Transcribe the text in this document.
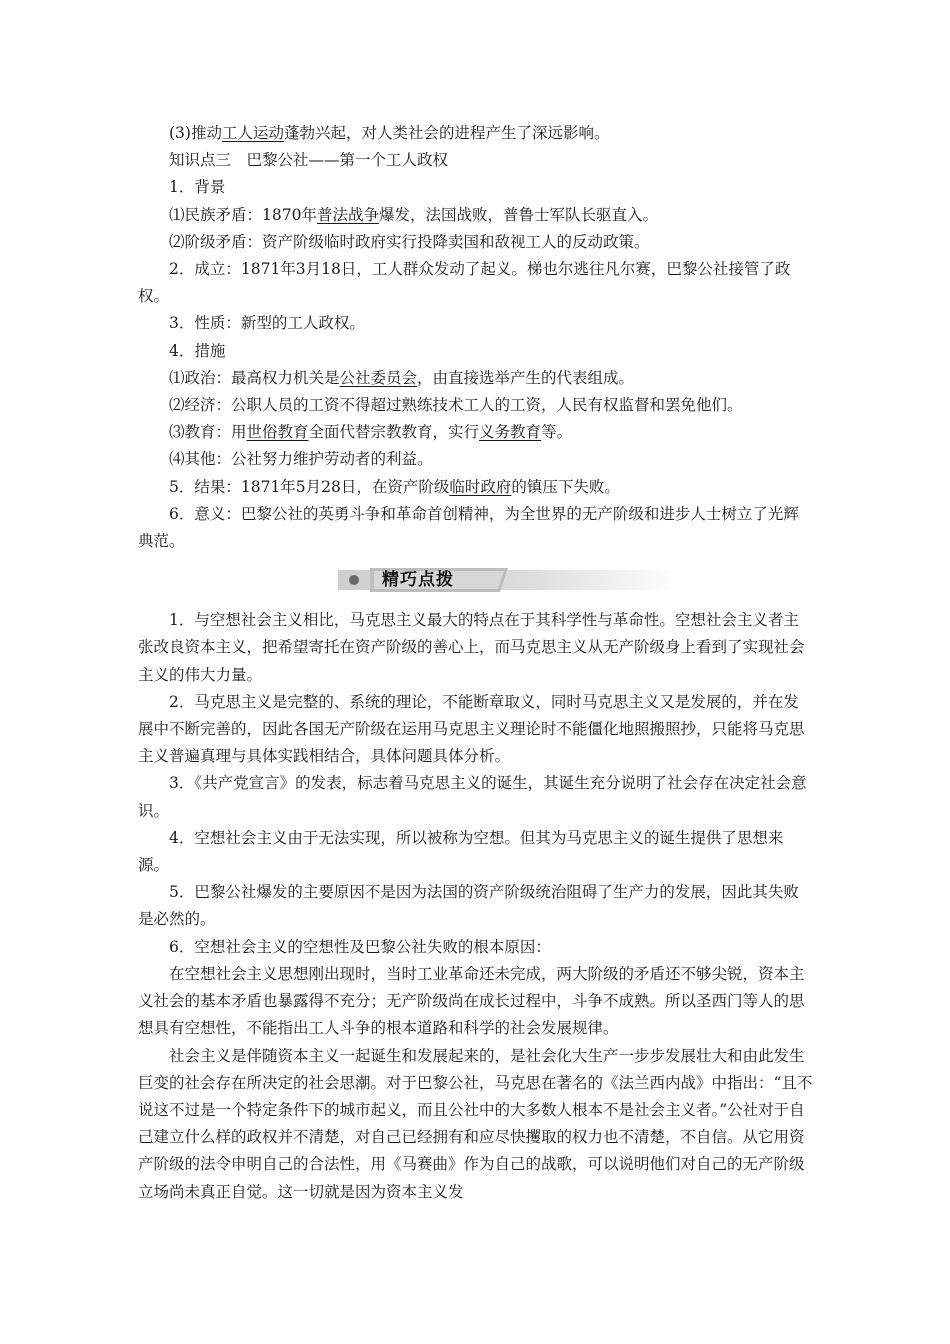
(3)推动工人运动蓬勃兴起，对人类社会的进程产生了深远影响。

知识点三　巴黎公社——第一个工人政权

1．背景

⑴民族矛盾：1870年普法战争爆发，法国战败，普鲁士军队长驱直入。

⑵阶级矛盾：资产阶级临时政府实行投降卖国和敌视工人的反动政策。

2．成立：1871年3月18日，工人群众发动了起义。梯也尔逃往凡尔赛，巴黎公社接管了政权。

3．性质：新型的工人政权。

4．措施

⑴政治：最高权力机关是公社委员会，由直接选举产生的代表组成。

⑵经济：公职人员的工资不得超过熟练技术工人的工资，人民有权监督和罢免他们。

⑶教育：用世俗教育全面代替宗教教育，实行义务教育等。

⑷其他：公社努力维护劳动者的利益。

5．结果：1871年5月28日，在资产阶级临时政府的镇压下失败。

6．意义：巴黎公社的英勇斗争和革命首创精神，为全世界的无产阶级和进步人士树立了光辉典范。

精巧点拨

1．与空想社会主义相比，马克思主义最大的特点在于其科学性与革命性。空想社会主义者主张改良资本主义，把希望寄托在资产阶级的善心上，而马克思主义从无产阶级身上看到了实现社会主义的伟大力量。

2．马克思主义是完整的、系统的理论，不能断章取义，同时马克思主义又是发展的，并在发展中不断完善的，因此各国无产阶级在运用马克思主义理论时不能僵化地照搬照抄，只能将马克思主义普遍真理与具体实践相结合，具体问题具体分析。

3．《共产党宣言》的发表，标志着马克思主义的诞生，其诞生充分说明了社会存在决定社会意识。

4．空想社会主义由于无法实现，所以被称为空想。但其为马克思主义的诞生提供了思想来源。

5．巴黎公社爆发的主要原因不是因为法国的资产阶级统治阻碍了生产力的发展，因此其失败是必然的。

6．空想社会主义的空想性及巴黎公社失败的根本原因：

在空想社会主义思想刚出现时，当时工业革命还未完成，两大阶级的矛盾还不够尖锐，资本主义社会的基本矛盾也暴露得不充分；无产阶级尚在成长过程中，斗争不成熟。所以圣西门等人的思想具有空想性，不能指出工人斗争的根本道路和科学的社会发展规律。

社会主义是伴随资本主义一起诞生和发展起来的，是社会化大生产一步步发展壮大和由此发生巨变的社会存在所决定的社会思潮。对于巴黎公社，马克思在著名的《法兰西内战》中指出：“且不说这不过是一个特定条件下的城市起义，而且公社中的大多数人根本不是社会主义者。”公社对于自己建立什么样的政权并不清楚，对自己已经拥有和应尽快攫取的权力也不清楚，不自信。从它用资产阶级的法令申明自己的合法性，用《马赛曲》作为自己的战歌，可以说明他们对自己的无产阶级立场尚未真正自觉。这一切就是因为资本主义发
